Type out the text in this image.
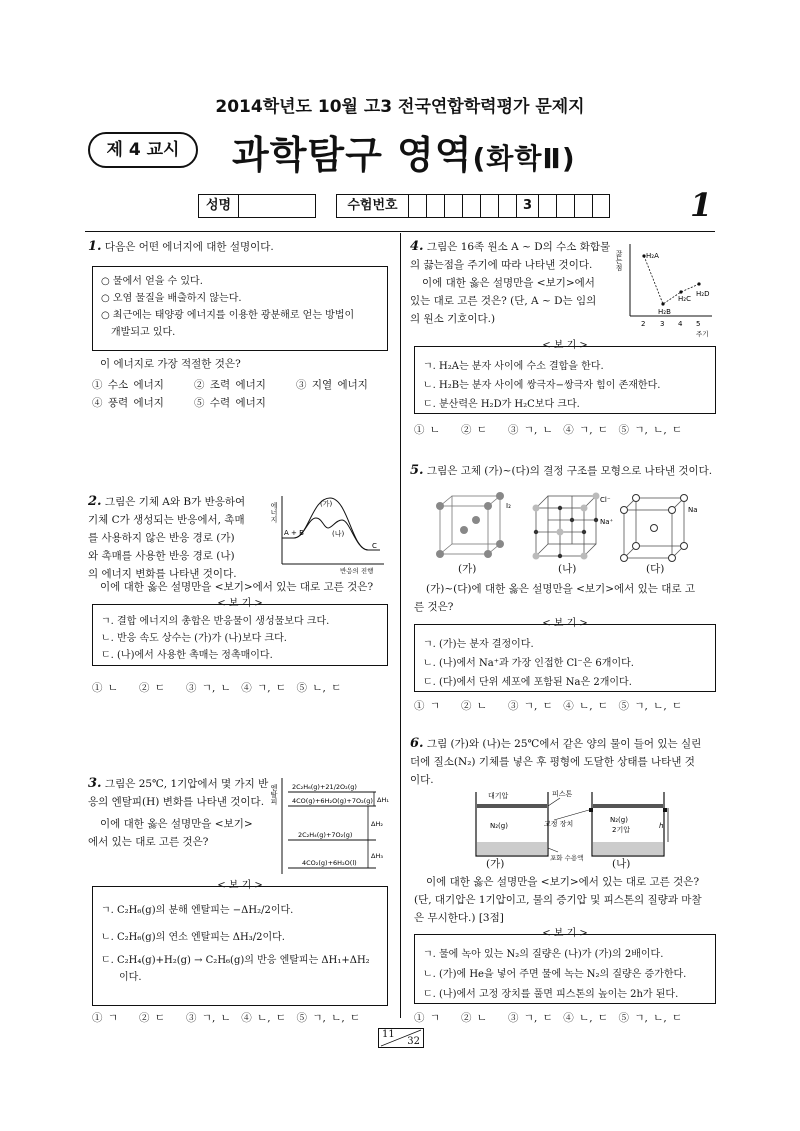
2014학년도 10월 고3 전국연합학력평가 문제지
제 4 교시	과학탐구 영역(화학Ⅱ)
성명	수험번호	3	1
1. 다음은 어떤 에너지에 대한 설명이다.
○ 물에서 얻을 수 있다.
○ 오염 물질을 배출하지 않는다.
○ 최근에는 태양광 에너지를 이용한 광분해로 얻는 방법이
개발되고 있다.
이 에너지로 가장 적절한 것은?
① 수소 에너지	② 조력 에너지	③ 지열 에너지
④ 풍력 에너지	⑤ 수력 에너지
2. 그림은 기체 A와 B가 반응하여
기체 C가 생성되는 반응에서, 촉매
를 사용하지 않은 반응 경로 (가)
와 촉매를 사용한 반응 경로 (나)
의 에너지 변화를 나타낸 것이다.
에너지	(가)
(나)
A + B
C
반응의 진행
이에 대한 옳은 설명만을 <보기>에서 있는 대로 고른 것은?
< 보 기 >
ㄱ. 결합 에너지의 총합은 반응물이 생성물보다 크다.
ㄴ. 반응 속도 상수는 (가)가 (나)보다 크다.
ㄷ. (나)에서 사용한 촉매는 정촉매이다.
① ㄴ　　② ㄷ　　③ ㄱ, ㄴ　④ ㄱ, ㄷ　⑤ ㄴ, ㄷ
3. 그림은 25℃, 1기압에서 몇 가지 반
응의 엔탈피(H) 변화를 나타낸 것이다.
이에 대한 옳은 설명만을 <보기>
에서 있는 대로 고른 것은?
엔탈피 2C₂H₆(g)+21/2O₂(g)
4CO(g)+6H₂O(g)+7O₂(g)
2C₂H₄(g)+7O₂(g)
4CO₂(g)+6H₂O(l)
ΔH₁
ΔH₂
ΔH₃
< 보 기 >
ㄱ. C₂H₆(g)의 분해 엔탈피는 −ΔH₂/2이다.
ㄴ. C₂H₆(g)의 연소 엔탈피는 ΔH₃/2이다.
ㄷ. C₂H₄(g)+H₂(g) → C₂H₆(g)의 반응 엔탈피는 ΔH₁+ΔH₂
이다.
① ㄱ　　② ㄷ　　③ ㄱ, ㄴ　④ ㄴ, ㄷ　⑤ ㄱ, ㄴ, ㄷ
4. 그림은 16족 원소 A ~ D의 수소 화합물
의 끓는점을 주기에 따라 나타낸 것이다.
이에 대한 옳은 설명만을 <보기>에서
있는 대로 고른 것은? (단, A ~ D는 임의
의 원소 기호이다.)
끓는점	H₂A
H₂B
H₂C
H₂D
2 3 4 5
주기
< 보 기 >
ㄱ. H₂A는 분자 사이에 수소 결합을 한다.
ㄴ. H₂B는 분자 사이에 쌍극자−쌍극자 힘이 존재한다.
ㄷ. 분산력은 H₂D가 H₂C보다 크다.
① ㄴ　　② ㄷ　　③ ㄱ, ㄴ　④ ㄱ, ㄷ　⑤ ㄱ, ㄴ, ㄷ
5. 그림은 고체 (가)~(다)의 결정 구조를 모형으로 나타낸 것이다.
I₂
Cl⁻
Na⁺
Na
(가)	(나)	(다)
(가)~(다)에 대한 옳은 설명만을 <보기>에서 있는 대로 고
른 것은?
< 보 기 >
ㄱ. (가)는 분자 결정이다.
ㄴ. (나)에서 Na⁺과 가장 인접한 Cl⁻은 6개이다.
ㄷ. (다)에서 단위 세포에 포함된 Na은 2개이다.
① ㄱ　　② ㄴ　　③ ㄱ, ㄷ　④ ㄴ, ㄷ　⑤ ㄱ, ㄴ, ㄷ
6. 그림 (가)와 (나)는 25℃에서 같은 양의 물이 들어 있는 실린
더에 질소(N₂) 기체를 넣은 후 평형에 도달한 상태를 나타낸 것
이다.
대기압
N₂(g)
N₂(g)
2기압	h
피스톤
고정 장치
포화 수용액
(가)	(나)
이에 대한 옳은 설명만을 <보기>에서 있는 대로 고른 것은?
(단, 대기압은 1기압이고, 물의 증기압 및 피스톤의 질량과 마찰
은 무시한다.) [3점]
< 보 기 >
ㄱ. 물에 녹아 있는 N₂의 질량은 (나)가 (가)의 2배이다.
ㄴ. (가)에 He을 넣어 주면 물에 녹는 N₂의 질량은 증가한다.
ㄷ. (나)에서 고정 장치를 풀면 피스톤의 높이는 2h가 된다.
① ㄱ　　② ㄴ　　③ ㄱ, ㄷ　④ ㄴ, ㄷ　⑤ ㄱ, ㄴ, ㄷ
11
32
